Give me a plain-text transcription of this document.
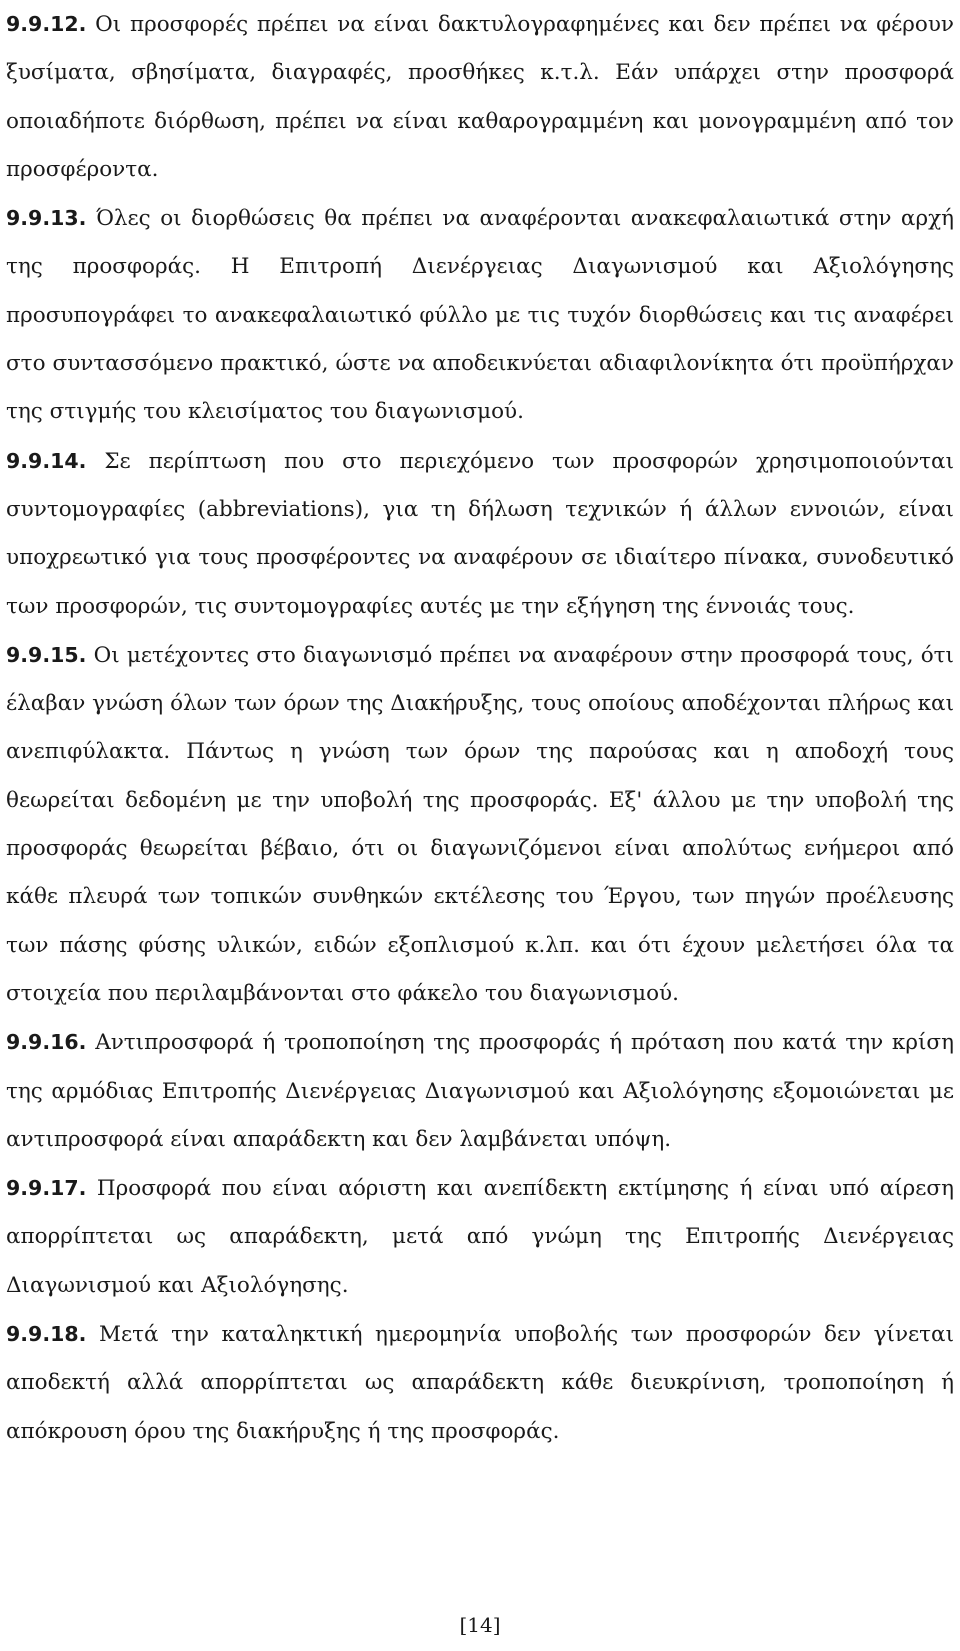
9.9.12. Οι προσφορές πρέπει να είναι δακτυλογραφημένες και δεν πρέπει να φέρουν ξυσίματα, σβησίματα, διαγραφές, προσθήκες κ.τ.λ. Εάν υπάρχει στην προσφορά οποιαδήποτε διόρθωση, πρέπει να είναι καθαρογραμμένη και μονογραμμένη από τον προσφέροντα.

9.9.13. Όλες οι διορθώσεις θα πρέπει να αναφέρονται ανακεφαλαιωτικά στην αρχή της προσφοράς. Η Επιτροπή Διενέργειας Διαγωνισμού και Αξιολόγησης προσυπογράφει το ανακεφαλαιωτικό φύλλο με τις τυχόν διορθώσεις και τις αναφέρει στο συντασσόμενο πρακτικό, ώστε να αποδεικνύεται αδιαφιλονίκητα ότι προϋπήρχαν της στιγμής του κλεισίματος του διαγωνισμού.

9.9.14. Σε περίπτωση που στο περιεχόμενο των προσφορών χρησιμοποιούνται συντομογραφίες (abbreviations), για τη δήλωση τεχνικών ή άλλων εννοιών, είναι υποχρεωτικό για τους προσφέροντες να αναφέρουν σε ιδιαίτερο πίνακα, συνοδευτικό των προσφορών, τις συντομογραφίες αυτές με την εξήγηση της έννοιάς τους.

9.9.15. Οι μετέχοντες στο διαγωνισμό πρέπει να αναφέρουν στην προσφορά τους, ότι έλαβαν γνώση όλων των όρων της Διακήρυξης, τους οποίους αποδέχονται πλήρως και ανεπιφύλακτα. Πάντως η γνώση των όρων της παρούσας και η αποδοχή τους θεωρείται δεδομένη με την υποβολή της προσφοράς. Εξ' άλλου με την υποβολή της προσφοράς θεωρείται βέβαιο, ότι οι διαγωνιζόμενοι είναι απολύτως ενήμεροι από κάθε πλευρά των τοπικών συνθηκών εκτέλεσης του Έργου, των πηγών προέλευσης των πάσης φύσης υλικών, ειδών εξοπλισμού κ.λπ. και ότι έχουν μελετήσει όλα τα στοιχεία που περιλαμβάνονται στο φάκελο του διαγωνισμού.

9.9.16. Αντιπροσφορά ή τροποποίηση της προσφοράς ή πρόταση που κατά την κρίση της αρμόδιας Επιτροπής Διενέργειας Διαγωνισμού και Αξιολόγησης εξομοιώνεται με αντιπροσφορά είναι απαράδεκτη και δεν λαμβάνεται υπόψη.

9.9.17. Προσφορά που είναι αόριστη και ανεπίδεκτη εκτίμησης ή είναι υπό αίρεση απορρίπτεται ως απαράδεκτη, μετά από γνώμη της Επιτροπής Διενέργειας Διαγωνισμού και Αξιολόγησης.

9.9.18. Μετά την καταληκτική ημερομηνία υποβολής των προσφορών δεν γίνεται αποδεκτή αλλά απορρίπτεται ως απαράδεκτη κάθε διευκρίνιση, τροποποίηση ή απόκρουση όρου της διακήρυξης ή της προσφοράς.

[14]
